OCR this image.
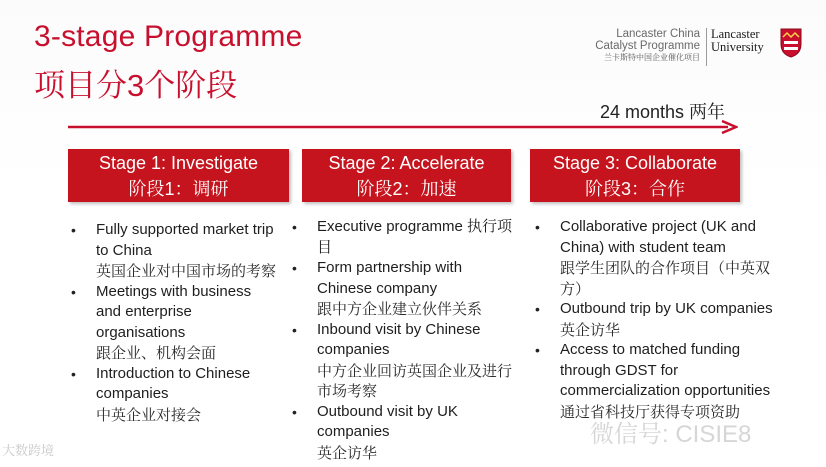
3-stage Programme
项目分3个阶段
Lancaster China
Catalyst Programme
兰卡斯特中国企业催化项目
Lancaster
University
24 months 两年
Stage 1: Investigate
阶段1：调研
Stage 2: Accelerate
阶段2：加速
Stage 3: Collaborate
阶段3：合作
• Fully supported market trip to China
英国企业对中国市场的考察
• Meetings with business and enterprise organisations
跟企业、机构会面
• Introduction to Chinese companies
中英企业对接会
• Executive programme 执行项目
• Form partnership with Chinese company
跟中方企业建立伙伴关系
• Inbound visit by Chinese companies
中方企业回访英国企业及进行市场考察
• Outbound visit by UK companies
英企访华
• Collaborative project (UK and China) with student team
跟学生团队的合作项目（中英双方）
• Outbound trip by UK companies
英企访华
• Access to matched funding through GDST for commercialization opportunities
通过省科技厅获得专项资助
大数跨境
微信号: CISIE8
